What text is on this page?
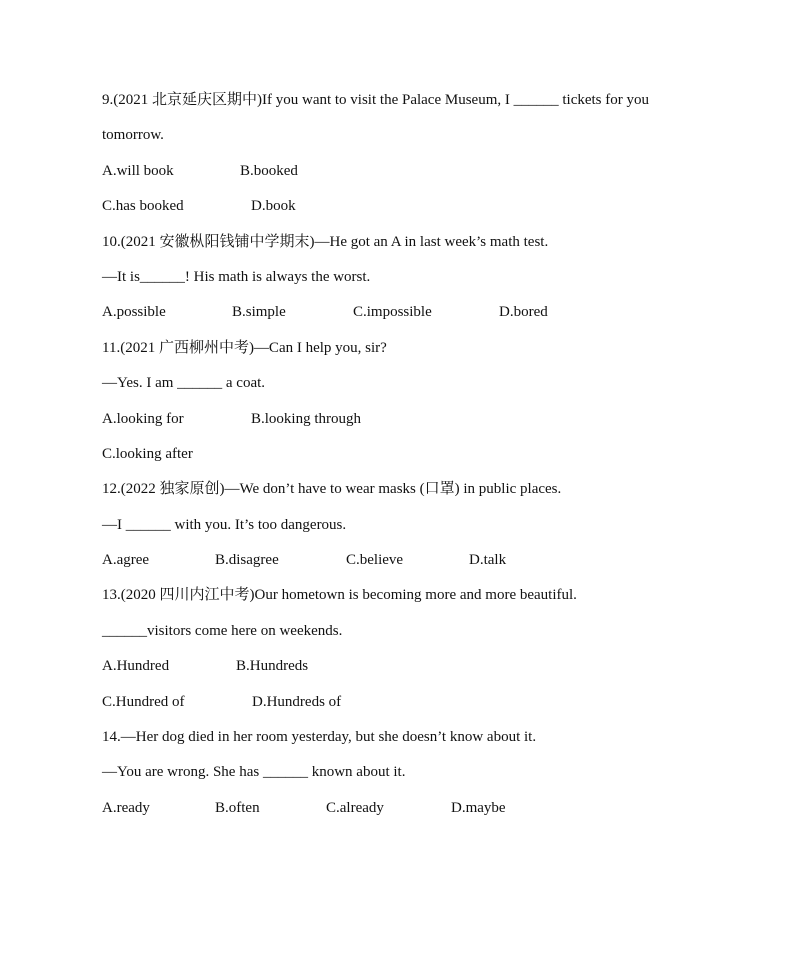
9.(2021 北京延庆区期中)If you want to visit the Palace Museum, I ______ tickets for you
tomorrow.
A.will book	B.booked
C.has booked	D.book
10.(2021 安徽枞阳钱铺中学期末)—He got an A in last week’s math test.
—It is______! His math is always the worst.
A.possible	B.simple	C.impossible	D.bored
11.(2021 广西柳州中考)—Can I help you, sir?
—Yes. I am ______ a coat.
A.looking for	B.looking through
C.looking after
12.(2022 独家原创)—We don’t have to wear masks (口罩) in public places.
—I ______ with you. It’s too dangerous.
A.agree	B.disagree	C.believe	D.talk
13.(2020 四川内江中考)Our hometown is becoming more and more beautiful.
______visitors come here on weekends.
A.Hundred	B.Hundreds
C.Hundred of	D.Hundreds of
14.—Her dog died in her room yesterday, but she doesn’t know about it.
—You are wrong. She has ______ known about it.
A.ready	B.often	C.already	D.maybe
